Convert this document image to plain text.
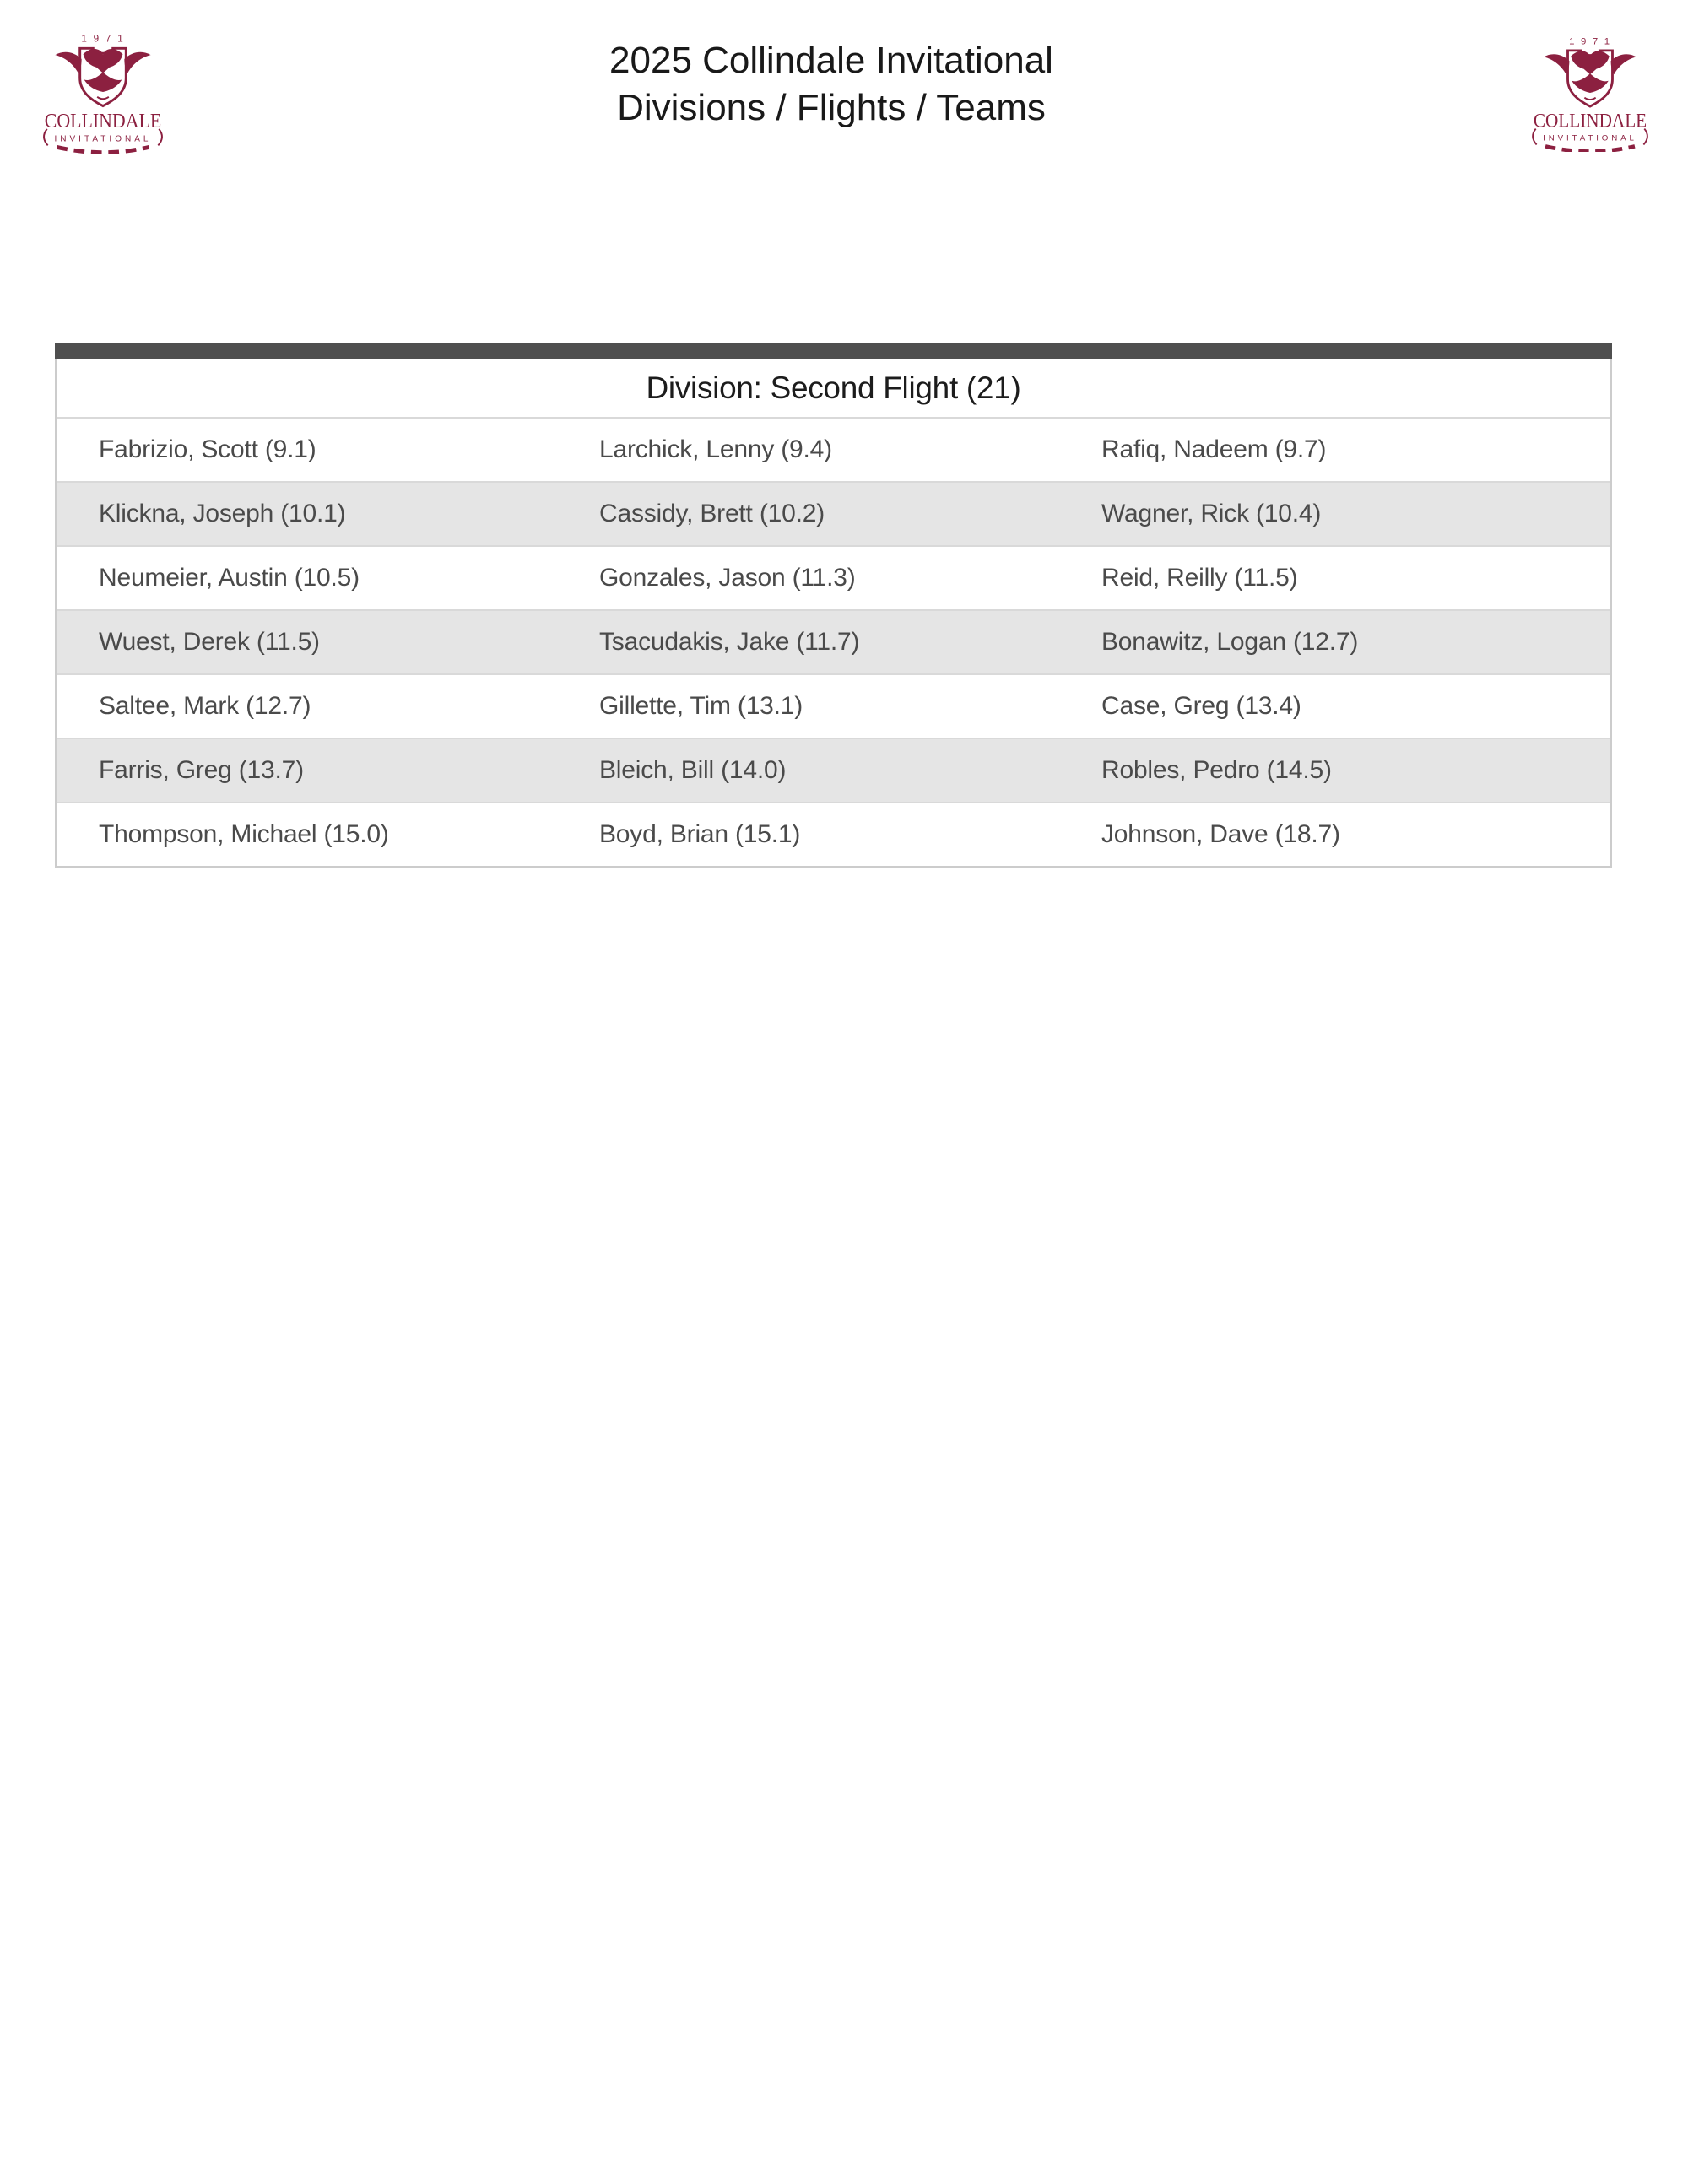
1971
COLLINDALE
INVITATIONAL
2025 Collindale Invitational
Divisions / Flights / Teams
1971
COLLINDALE
INVITATIONAL
Division: Second Flight (21)
Fabrizio, Scott (9.1)	Larchick, Lenny (9.4)	Rafiq, Nadeem (9.7)
Klickna, Joseph (10.1)	Cassidy, Brett (10.2)	Wagner, Rick (10.4)
Neumeier, Austin (10.5)	Gonzales, Jason (11.3)	Reid, Reilly (11.5)
Wuest, Derek (11.5)	Tsacudakis, Jake (11.7)	Bonawitz, Logan (12.7)
Saltee, Mark (12.7)	Gillette, Tim (13.1)	Case, Greg (13.4)
Farris, Greg (13.7)	Bleich, Bill (14.0)	Robles, Pedro (14.5)
Thompson, Michael (15.0)	Boyd, Brian (15.1)	Johnson, Dave (18.7)
